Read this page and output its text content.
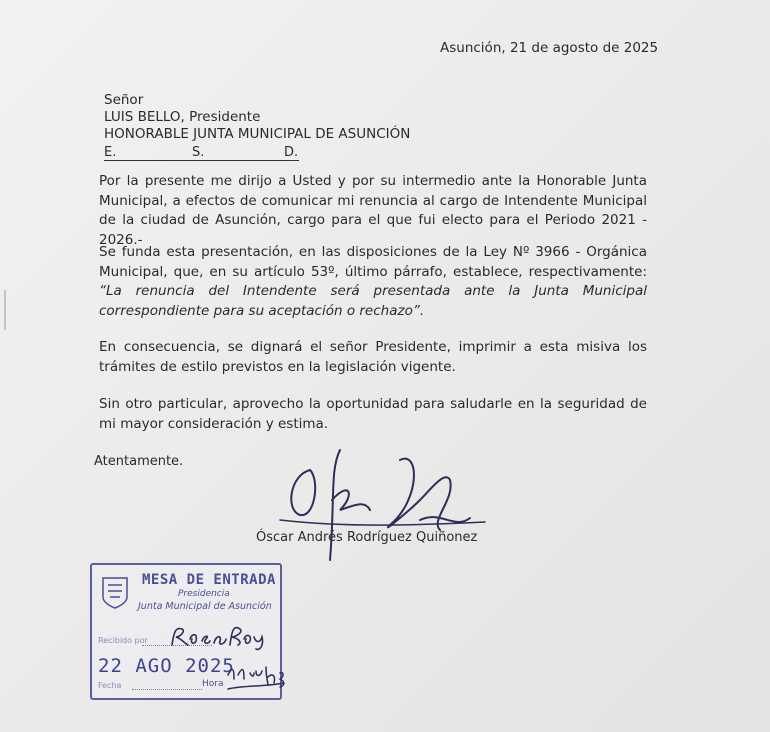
Asunción, 21 de agosto de 2025
Señor
LUIS BELLO, Presidente
HONORABLE JUNTA MUNICIPAL DE ASUNCIÓN
E.	S.	D.
Por la presente me dirijo a Usted y por su intermedio ante la Honorable Junta Municipal, a efectos de comunicar mi renuncia al cargo de Intendente Municipal de la ciudad de Asunción, cargo para el que fui electo para el Periodo 2021 - 2026.-
Se funda esta presentación, en las disposiciones de la Ley Nº 3966 - Orgánica Municipal, que, en su artículo 53º, último párrafo, establece, respectivamente: “La renuncia del Intendente será presentada ante la Junta Municipal correspondiente para su aceptación o rechazo”.
En consecuencia, se dignará el señor Presidente, imprimir a esta misiva los trámites de estilo previstos en la legislación vigente.
Sin otro particular, aprovecho la oportunidad para saludarle en la seguridad de mi mayor consideración y estima.
Atentamente.
Óscar Andrés Rodríguez Quiñonez
MESA DE ENTRADA
Presidencia
Junta Municipal de Asunción
Recibido por
22 AGO 2025
Fecha	Hora
